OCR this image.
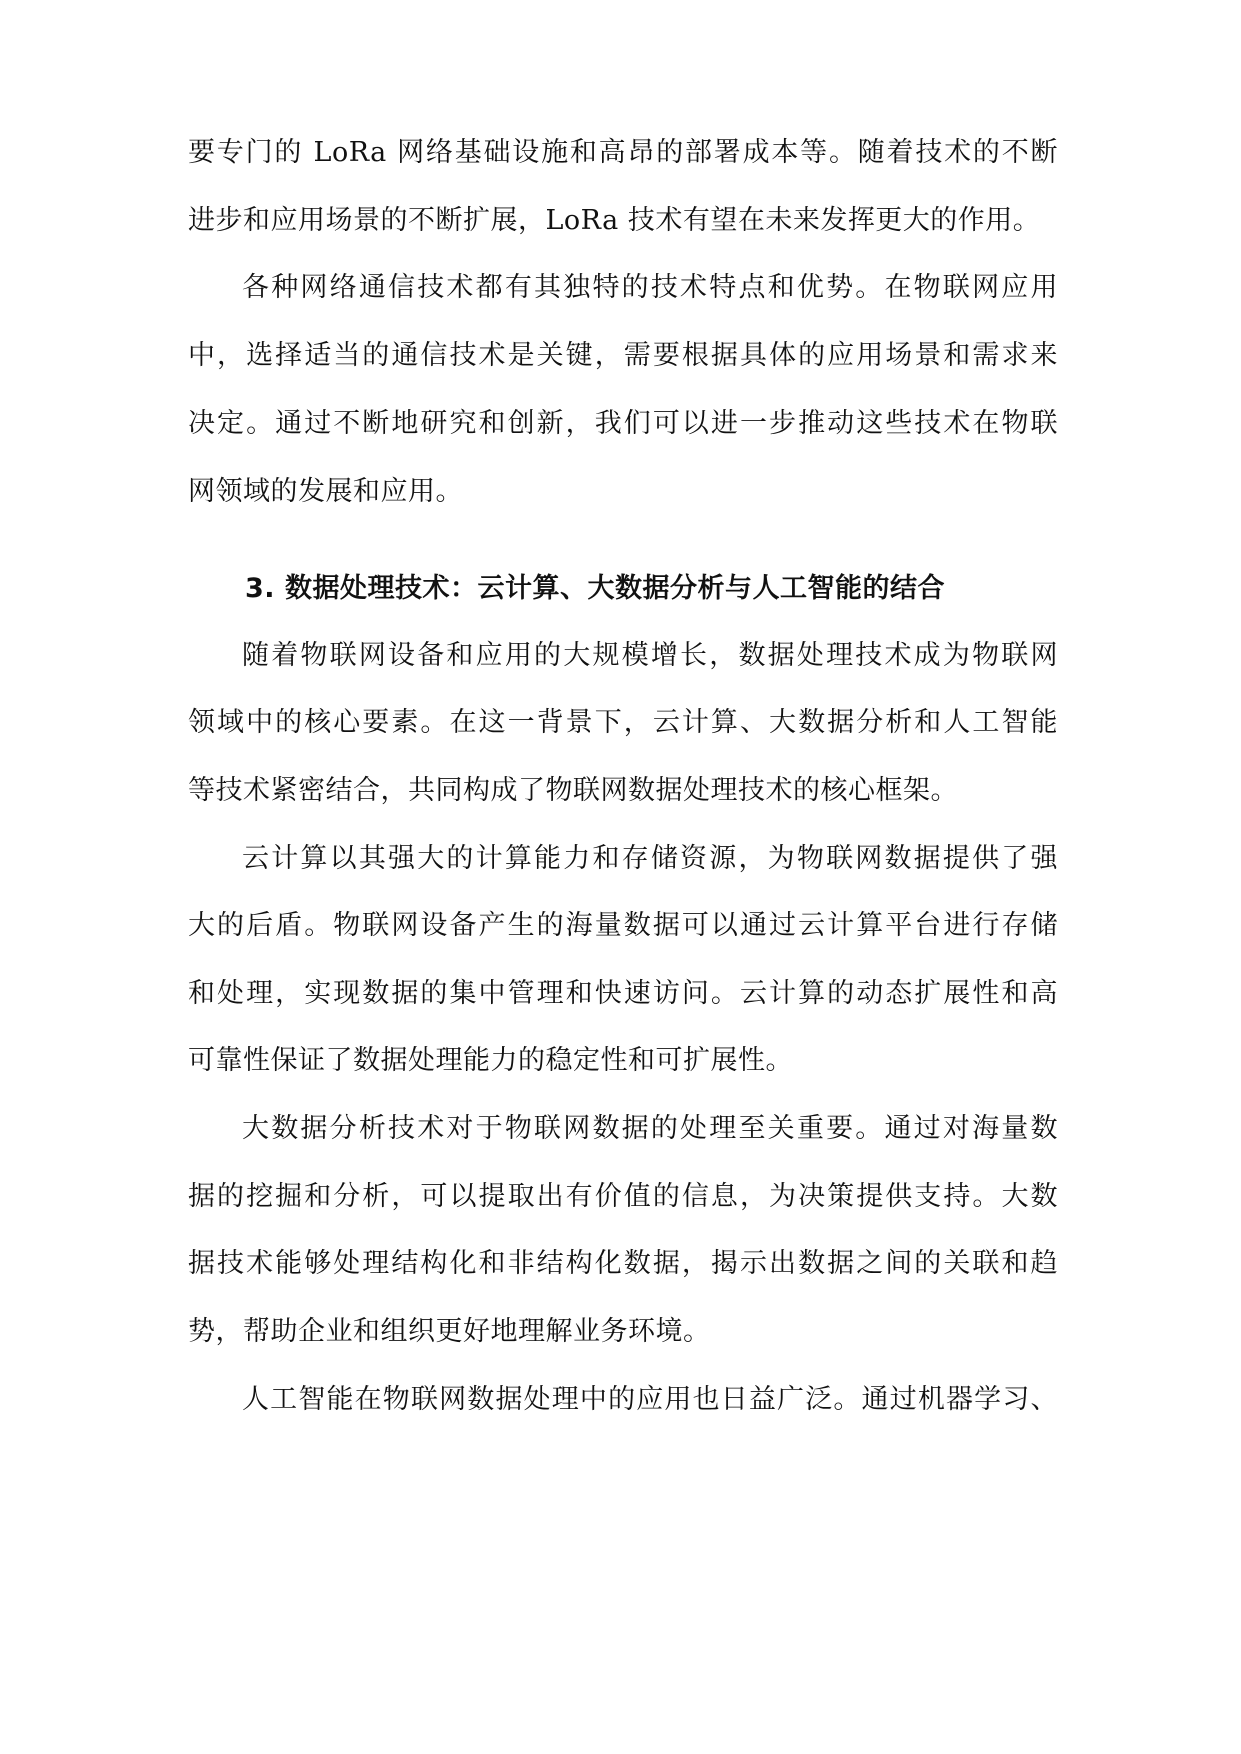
要专门的 LoRa 网络基础设施和高昂的部署成本等。随着技术的不断
进步和应用场景的不断扩展，LoRa 技术有望在未来发挥更大的作用。
各种网络通信技术都有其独特的技术特点和优势。在物联网应用
中，选择适当的通信技术是关键，需要根据具体的应用场景和需求来
决定。通过不断地研究和创新，我们可以进一步推动这些技术在物联
网领域的发展和应用。
3. 数据处理技术：云计算、大数据分析与人工智能的结合
随着物联网设备和应用的大规模增长，数据处理技术成为物联网
领域中的核心要素。在这一背景下，云计算、大数据分析和人工智能
等技术紧密结合，共同构成了物联网数据处理技术的核心框架。
云计算以其强大的计算能力和存储资源，为物联网数据提供了强
大的后盾。物联网设备产生的海量数据可以通过云计算平台进行存储
和处理，实现数据的集中管理和快速访问。云计算的动态扩展性和高
可靠性保证了数据处理能力的稳定性和可扩展性。
大数据分析技术对于物联网数据的处理至关重要。通过对海量数
据的挖掘和分析，可以提取出有价值的信息，为决策提供支持。大数
据技术能够处理结构化和非结构化数据，揭示出数据之间的关联和趋
势，帮助企业和组织更好地理解业务环境。
人工智能在物联网数据处理中的应用也日益广泛。通过机器学习、
